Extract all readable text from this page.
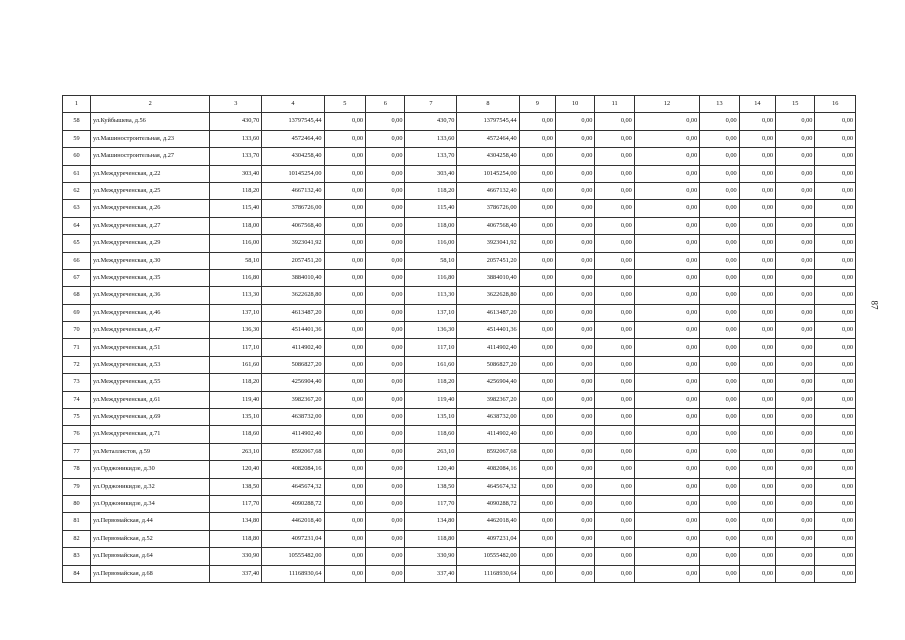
1	2	3	4	5	6	7	8	9	10	11	12	13	14	15	16
58	ул.Куйбышева, д.56	430,70	13797545,44	0,00	0,00	430,70	13797545,44	0,00	0,00	0,00	0,00	0,00	0,00	0,00	0,00
59	ул.Машиностроительная, д.23	133,60	4572464,40	0,00	0,00	133,60	4572464,40	0,00	0,00	0,00	0,00	0,00	0,00	0,00	0,00
60	ул.Машиностроительная, д.27	133,70	4304258,40	0,00	0,00	133,70	4304258,40	0,00	0,00	0,00	0,00	0,00	0,00	0,00	0,00
61	ул.Междуреченская, д.22	303,40	10145254,00	0,00	0,00	303,40	10145254,00	0,00	0,00	0,00	0,00	0,00	0,00	0,00	0,00
62	ул.Междуреченская, д.25	118,20	4667132,40	0,00	0,00	118,20	4667132,40	0,00	0,00	0,00	0,00	0,00	0,00	0,00	0,00
63	ул.Междуреченская, д.26	115,40	3786726,00	0,00	0,00	115,40	3786726,00	0,00	0,00	0,00	0,00	0,00	0,00	0,00	0,00
64	ул.Междуреченская, д.27	118,00	4067568,40	0,00	0,00	118,00	4067568,40	0,00	0,00	0,00	0,00	0,00	0,00	0,00	0,00
65	ул.Междуреченская, д.29	116,00	3923041,92	0,00	0,00	116,00	3923041,92	0,00	0,00	0,00	0,00	0,00	0,00	0,00	0,00
66	ул.Междуреченская, д.30	58,10	2057451,20	0,00	0,00	58,10	2057451,20	0,00	0,00	0,00	0,00	0,00	0,00	0,00	0,00
67	ул.Междуреченская, д.35	116,80	3884010,40	0,00	0,00	116,80	3884010,40	0,00	0,00	0,00	0,00	0,00	0,00	0,00	0,00
68	ул.Междуреченская, д.36	113,30	3622628,80	0,00	0,00	113,30	3622628,80	0,00	0,00	0,00	0,00	0,00	0,00	0,00	0,00
69	ул.Междуреченская, д.46	137,10	4613487,20	0,00	0,00	137,10	4613487,20	0,00	0,00	0,00	0,00	0,00	0,00	0,00	0,00
70	ул.Междуреченская, д.47	136,30	4514401,36	0,00	0,00	136,30	4514401,36	0,00	0,00	0,00	0,00	0,00	0,00	0,00	0,00
71	ул.Междуреченская, д.51	117,10	4114902,40	0,00	0,00	117,10	4114902,40	0,00	0,00	0,00	0,00	0,00	0,00	0,00	0,00
72	ул.Междуреченская, д.53	161,60	5086827,20	0,00	0,00	161,60	5086827,20	0,00	0,00	0,00	0,00	0,00	0,00	0,00	0,00
73	ул.Междуреченская, д.55	118,20	4256904,40	0,00	0,00	118,20	4256904,40	0,00	0,00	0,00	0,00	0,00	0,00	0,00	0,00
74	ул.Междуреченская, д.61	119,40	3982367,20	0,00	0,00	119,40	3982367,20	0,00	0,00	0,00	0,00	0,00	0,00	0,00	0,00
75	ул.Междуреченская, д.69	135,10	4638732,00	0,00	0,00	135,10	4638732,00	0,00	0,00	0,00	0,00	0,00	0,00	0,00	0,00
76	ул.Междуреченская, д.71	118,60	4114902,40	0,00	0,00	118,60	4114902,40	0,00	0,00	0,00	0,00	0,00	0,00	0,00	0,00
77	ул.Металлистов, д.59	263,10	8592067,68	0,00	0,00	263,10	8592067,68	0,00	0,00	0,00	0,00	0,00	0,00	0,00	0,00
78	ул.Орджоникидзе, д.30	120,40	4082084,16	0,00	0,00	120,40	4082084,16	0,00	0,00	0,00	0,00	0,00	0,00	0,00	0,00
79	ул.Орджоникидзе, д.32	138,50	4645674,32	0,00	0,00	138,50	4645674,32	0,00	0,00	0,00	0,00	0,00	0,00	0,00	0,00
80	ул.Орджоникидзе, д.34	117,70	4090288,72	0,00	0,00	117,70	4090288,72	0,00	0,00	0,00	0,00	0,00	0,00	0,00	0,00
81	ул.Первомайская, д.44	134,80	4462018,40	0,00	0,00	134,80	4462018,40	0,00	0,00	0,00	0,00	0,00	0,00	0,00	0,00
82	ул.Первомайская, д.52	118,80	4097231,04	0,00	0,00	118,80	4097231,04	0,00	0,00	0,00	0,00	0,00	0,00	0,00	0,00
83	ул.Первомайская, д.64	330,90	10555482,00	0,00	0,00	330,90	10555482,00	0,00	0,00	0,00	0,00	0,00	0,00	0,00	0,00
84	ул.Первомайская, д.68	337,40	11168930,64	0,00	0,00	337,40	11168930,64	0,00	0,00	0,00	0,00	0,00	0,00	0,00	0,00
87
